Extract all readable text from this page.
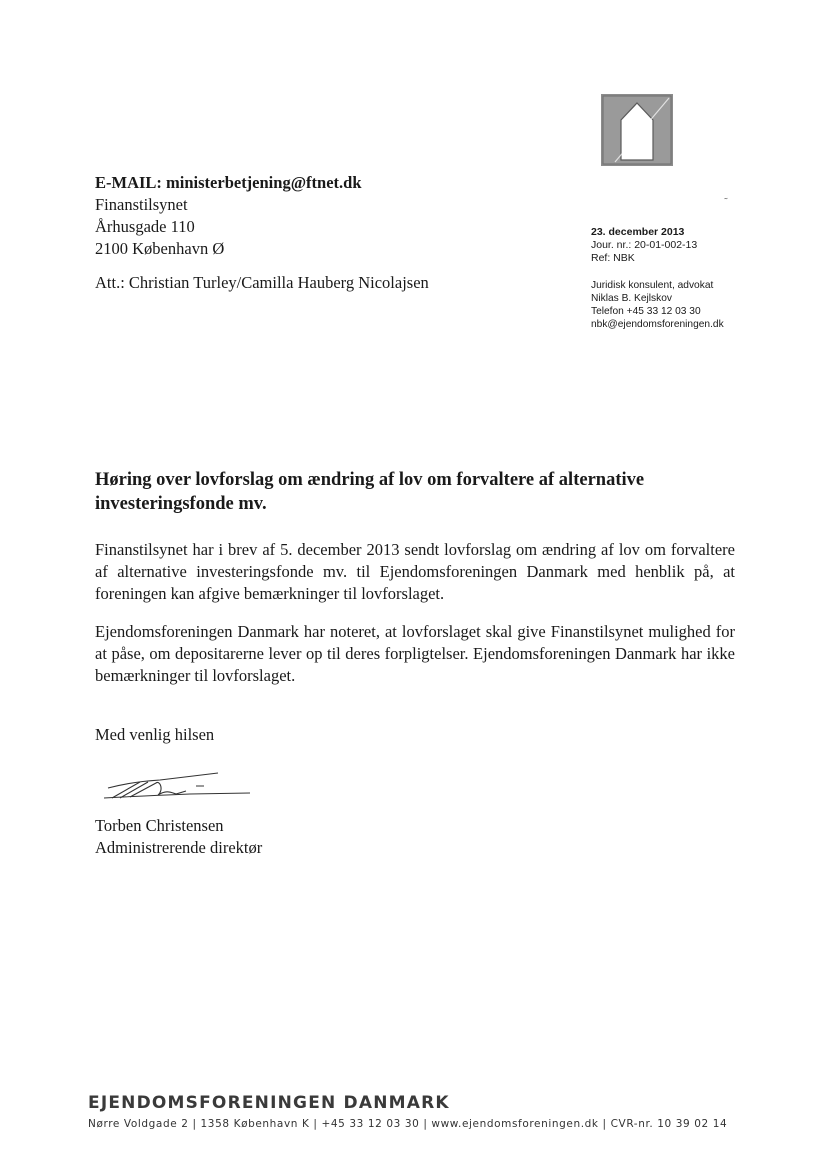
˜
E-MAIL: ministerbetjening@ftnet.dk
Finanstilsynet
Århusgade 110
2100 København Ø
Att.: Christian Turley/Camilla Hauberg Nicolajsen
23. december 2013
Jour. nr.: 20-01-002-13
Ref: NBK
Juridisk konsulent, advokat
Niklas B. Kejlskov
Telefon +45 33 12 03 30
nbk@ejendomsforeningen.dk
Høring over lovforslag om ændring af lov om forvaltere af alternative investeringsfonde mv.
Finanstilsynet har i brev af 5. december 2013 sendt lovforslag om ændring af lov om forvaltere af alternative investeringsfonde mv. til Ejendomsforeningen Danmark med henblik på, at foreningen kan afgive bemærkninger til lovforslaget.
Ejendomsforeningen Danmark har noteret, at lovforslaget skal give Finanstilsynet mulighed for at påse, om depositarerne lever op til deres forpligtelser. Ejendomsforeningen Danmark har ikke bemærkninger til lovforslaget.
Med venlig hilsen
Torben Christensen
Administrerende direktør
EJENDOMSFORENINGEN DANMARK
Nørre Voldgade 2 | 1358 København K | +45 33 12 03 30 | www.ejendomsforeningen.dk | CVR-nr. 10 39 02 14
